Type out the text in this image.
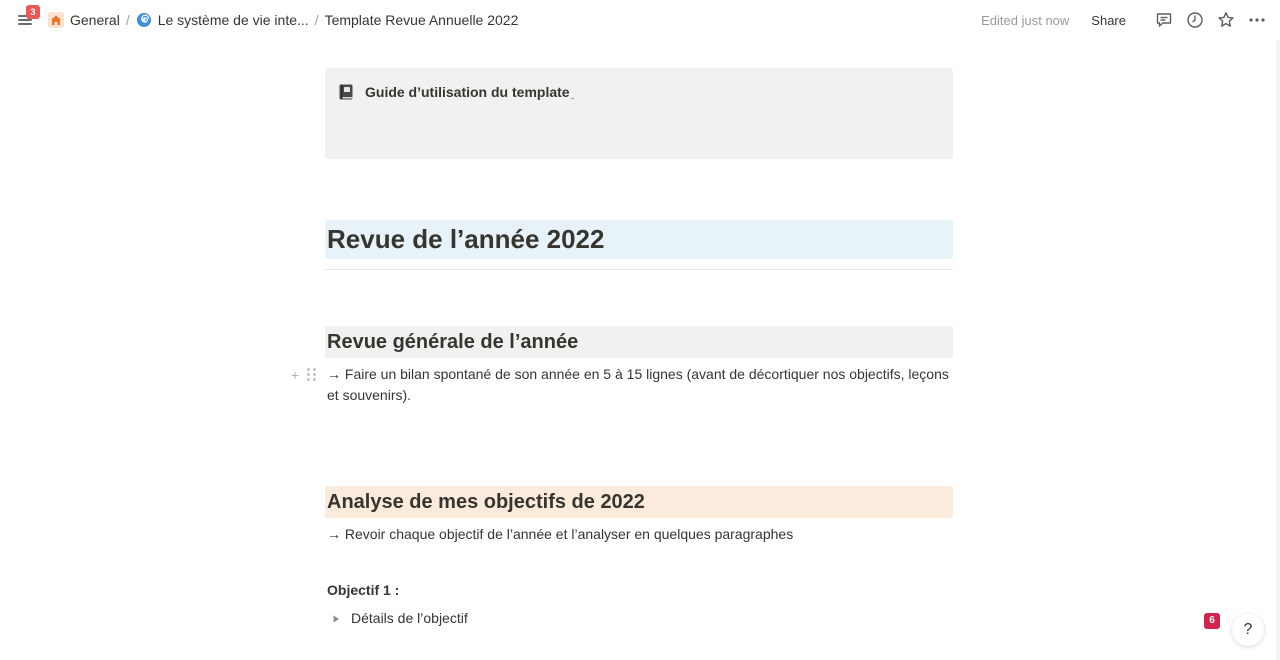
3	General / Le système de vie inte... / Template Revue Annuelle 2022	Edited just now	Share
Guide d’utilisation du template
Revue de l’année 2022
Revue générale de l’année
+ → Faire un bilan spontané de son année en 5 à 15 lignes (avant de décortiquer nos objectifs, leçons et souvenirs).
Analyse de mes objectifs de 2022
→ Revoir chaque objectif de l’année et l’analyser en quelques paragraphes
Objectif 1 :
Détails de l’objectif	6
?
